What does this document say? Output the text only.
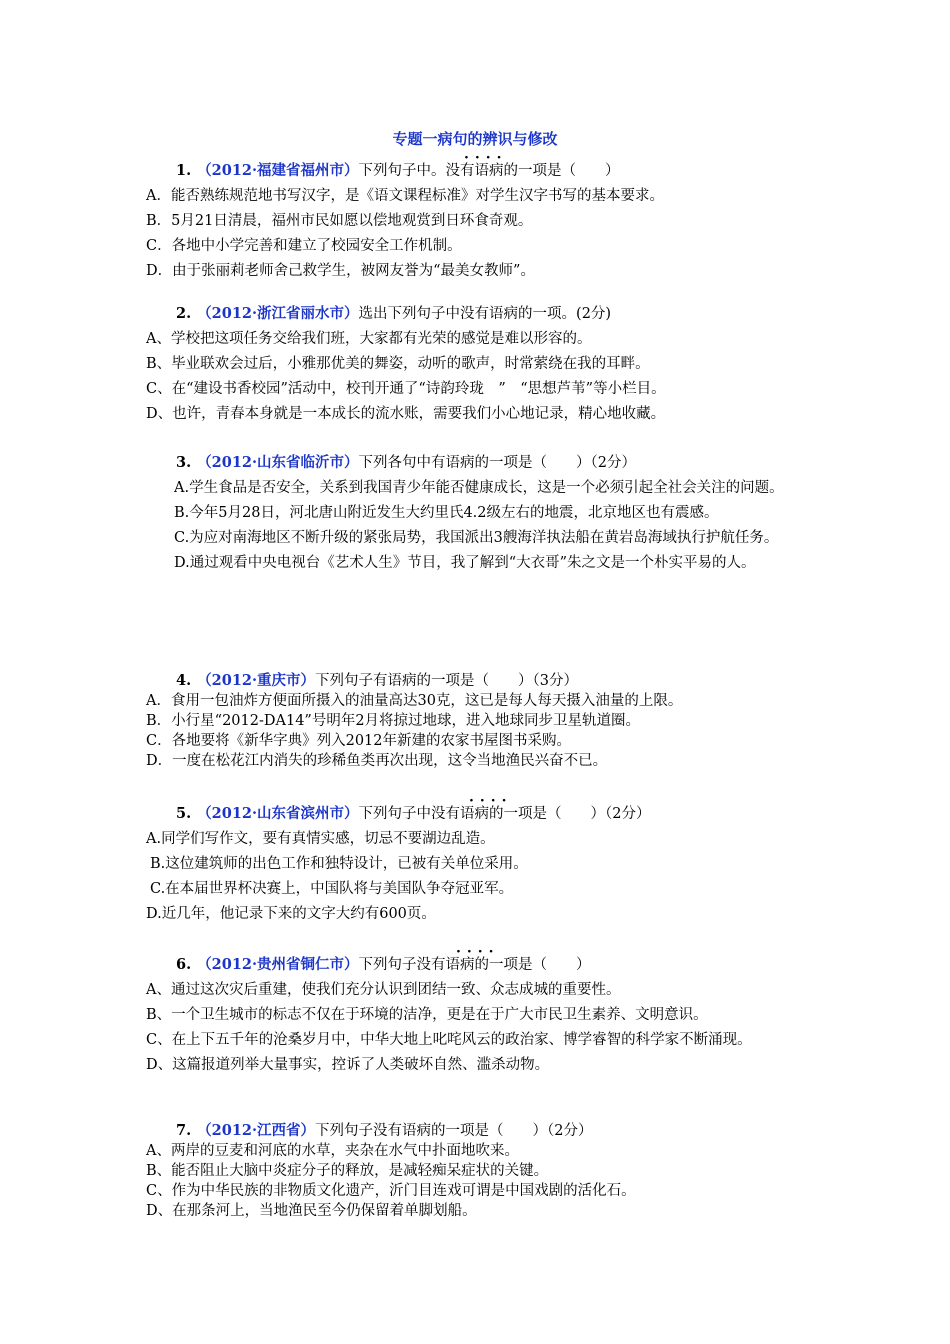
专题一病句的辨识与修改
····
1. （2012·福建省福州市）下列句子中。没有语病的一项是（　　）
A．能否熟练规范地书写汉字，是《语文课程标准》对学生汉字书写的基本要求。
B．5月21日清晨，福州市民如愿以偿地观赏到日环食奇观。
C．各地中小学完善和建立了校园安全工作机制。
D．由于张丽莉老师舍己救学生，被网友誉为“最美女教师”。
2. （2012·浙江省丽水市）选出下列句子中没有语病的一项。(2分)
A、学校把这项任务交给我们班，大家都有光荣的感觉是难以形容的。
B、毕业联欢会过后，小雅那优美的舞姿，动听的歌声，时常萦绕在我的耳畔。
C、在“建设书香校园”活动中，校刊开通了“诗韵玲珑　”　“思想芦苇”等小栏目。
D、也许，青春本身就是一本成长的流水账，需要我们小心地记录，精心地收藏。
3. （2012·山东省临沂市）下列各句中有语病的一项是（　　）（2分）
A.学生食品是否安全，关系到我国青少年能否健康成长，这是一个必须引起全社会关注的问题。
B.今年5月28日，河北唐山附近发生大约里氏4.2级左右的地震，北京地区也有震感。
C.为应对南海地区不断升级的紧张局势，我国派出3艘海洋执法船在黄岩岛海域执行护航任务。
D.通过观看中央电视台《艺术人生》节目，我了解到“大衣哥”朱之文是一个朴实平易的人。
4. （2012·重庆市）下列句子有语病的一项是（　　）（3分）
A．食用一包油炸方便面所摄入的油量高达30克，这已是每人每天摄入油量的上限。
B．小行星“2012-DA14”号明年2月将掠过地球，进入地球同步卫星轨道圈。
C．各地要将《新华字典》列入2012年新建的农家书屋图书采购。
D．一度在松花江内消失的珍稀鱼类再次出现，这令当地渔民兴奋不已。
····
5. （2012·山东省滨州市）下列句子中没有语病的一项是（　　）（2分）
A.同学们写作文，要有真情实感，切忌不要湖边乱造。
B.这位建筑师的出色工作和独特设计，已被有关单位采用。
C.在本届世界杯决赛上，中国队将与美国队争夺冠亚军。
D.近几年，他记录下来的文字大约有600页。
····
6. （2012·贵州省铜仁市）下列句子没有语病的一项是（　　）
A、通过这次灾后重建，使我们充分认识到团结一致、众志成城的重要性。
B、一个卫生城市的标志不仅在于环境的洁净，更是在于广大市民卫生素养、文明意识。
C、在上下五千年的沧桑岁月中，中华大地上叱咤风云的政治家、博学睿智的科学家不断涌现。
D、这篇报道列举大量事实，控诉了人类破坏自然、滥杀动物。
7. （2012·江西省）下列句子没有语病的一项是（　　）（2分）
A、两岸的豆麦和河底的水草，夹杂在水气中扑面地吹来。
B、能否阻止大脑中炎症分子的释放，是减轻痴呆症状的关键。
C、作为中华民族的非物质文化遗产，沂门目连戏可谓是中国戏剧的活化石。
D、在那条河上，当地渔民至今仍保留着单脚划船。
